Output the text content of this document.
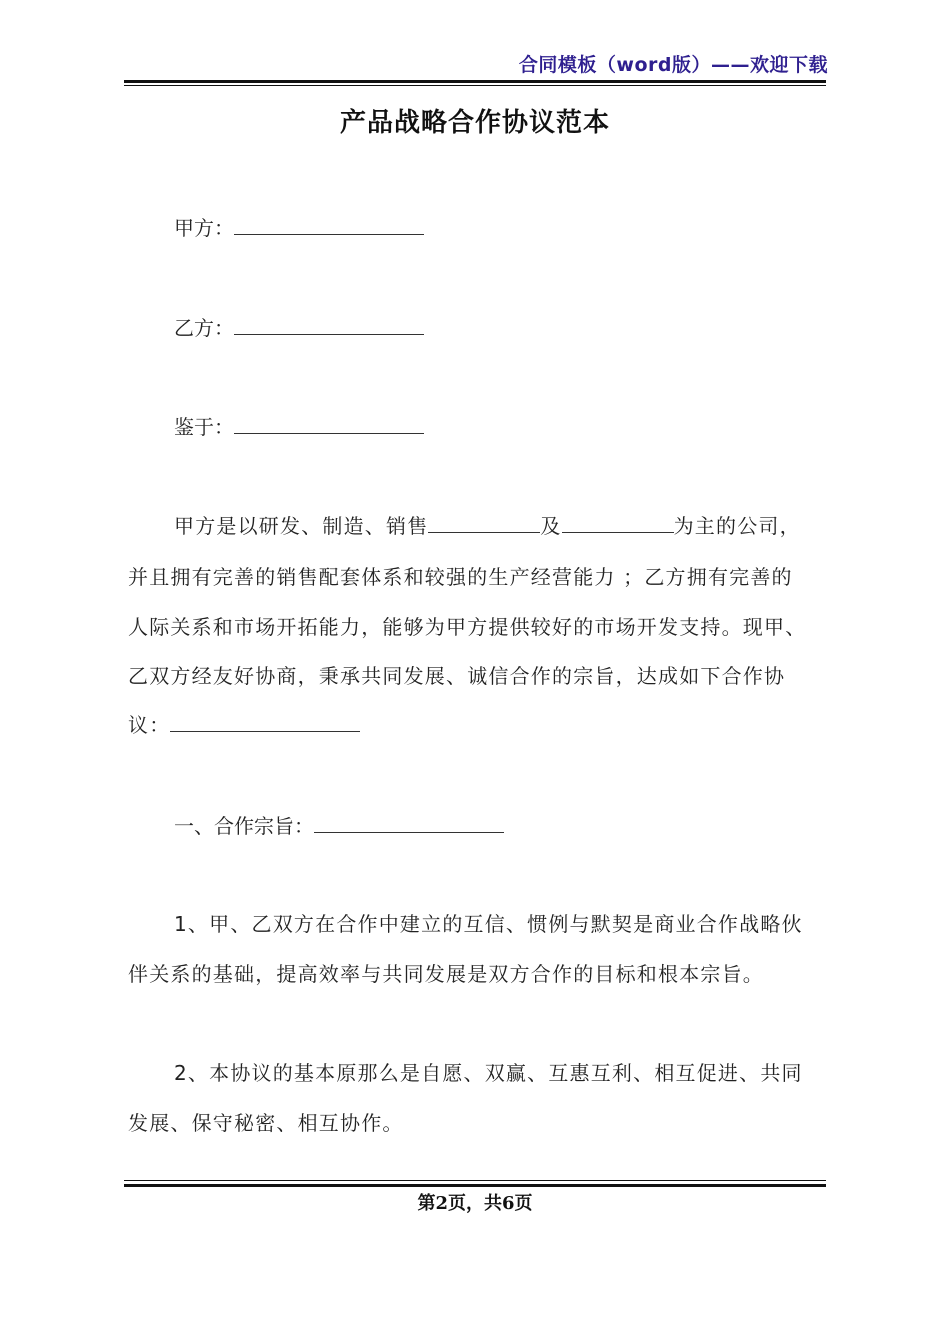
合同模板（word版）——欢迎下载
产品战略合作协议范本
甲方：
乙方：
鉴于：
甲方是以研发、制造、销售	及	为主的公司，
并且拥有完善的销售配套体系和较强的生产经营能力 ；乙方拥有完善的
人际关系和市场开拓能力，能够为甲方提供较好的市场开发支持。现甲、
乙双方经友好协商，秉承共同发展、诚信合作的宗旨，达成如下合作协
议：
一、合作宗旨：
1、甲、乙双方在合作中建立的互信、惯例与默契是商业合作战略伙
伴关系的基础，提高效率与共同发展是双方合作的目标和根本宗旨。
2、本协议的基本原那么是自愿、双赢、互惠互利、相互促进、共同
发展、保守秘密、相互协作。
第2页，共6页
